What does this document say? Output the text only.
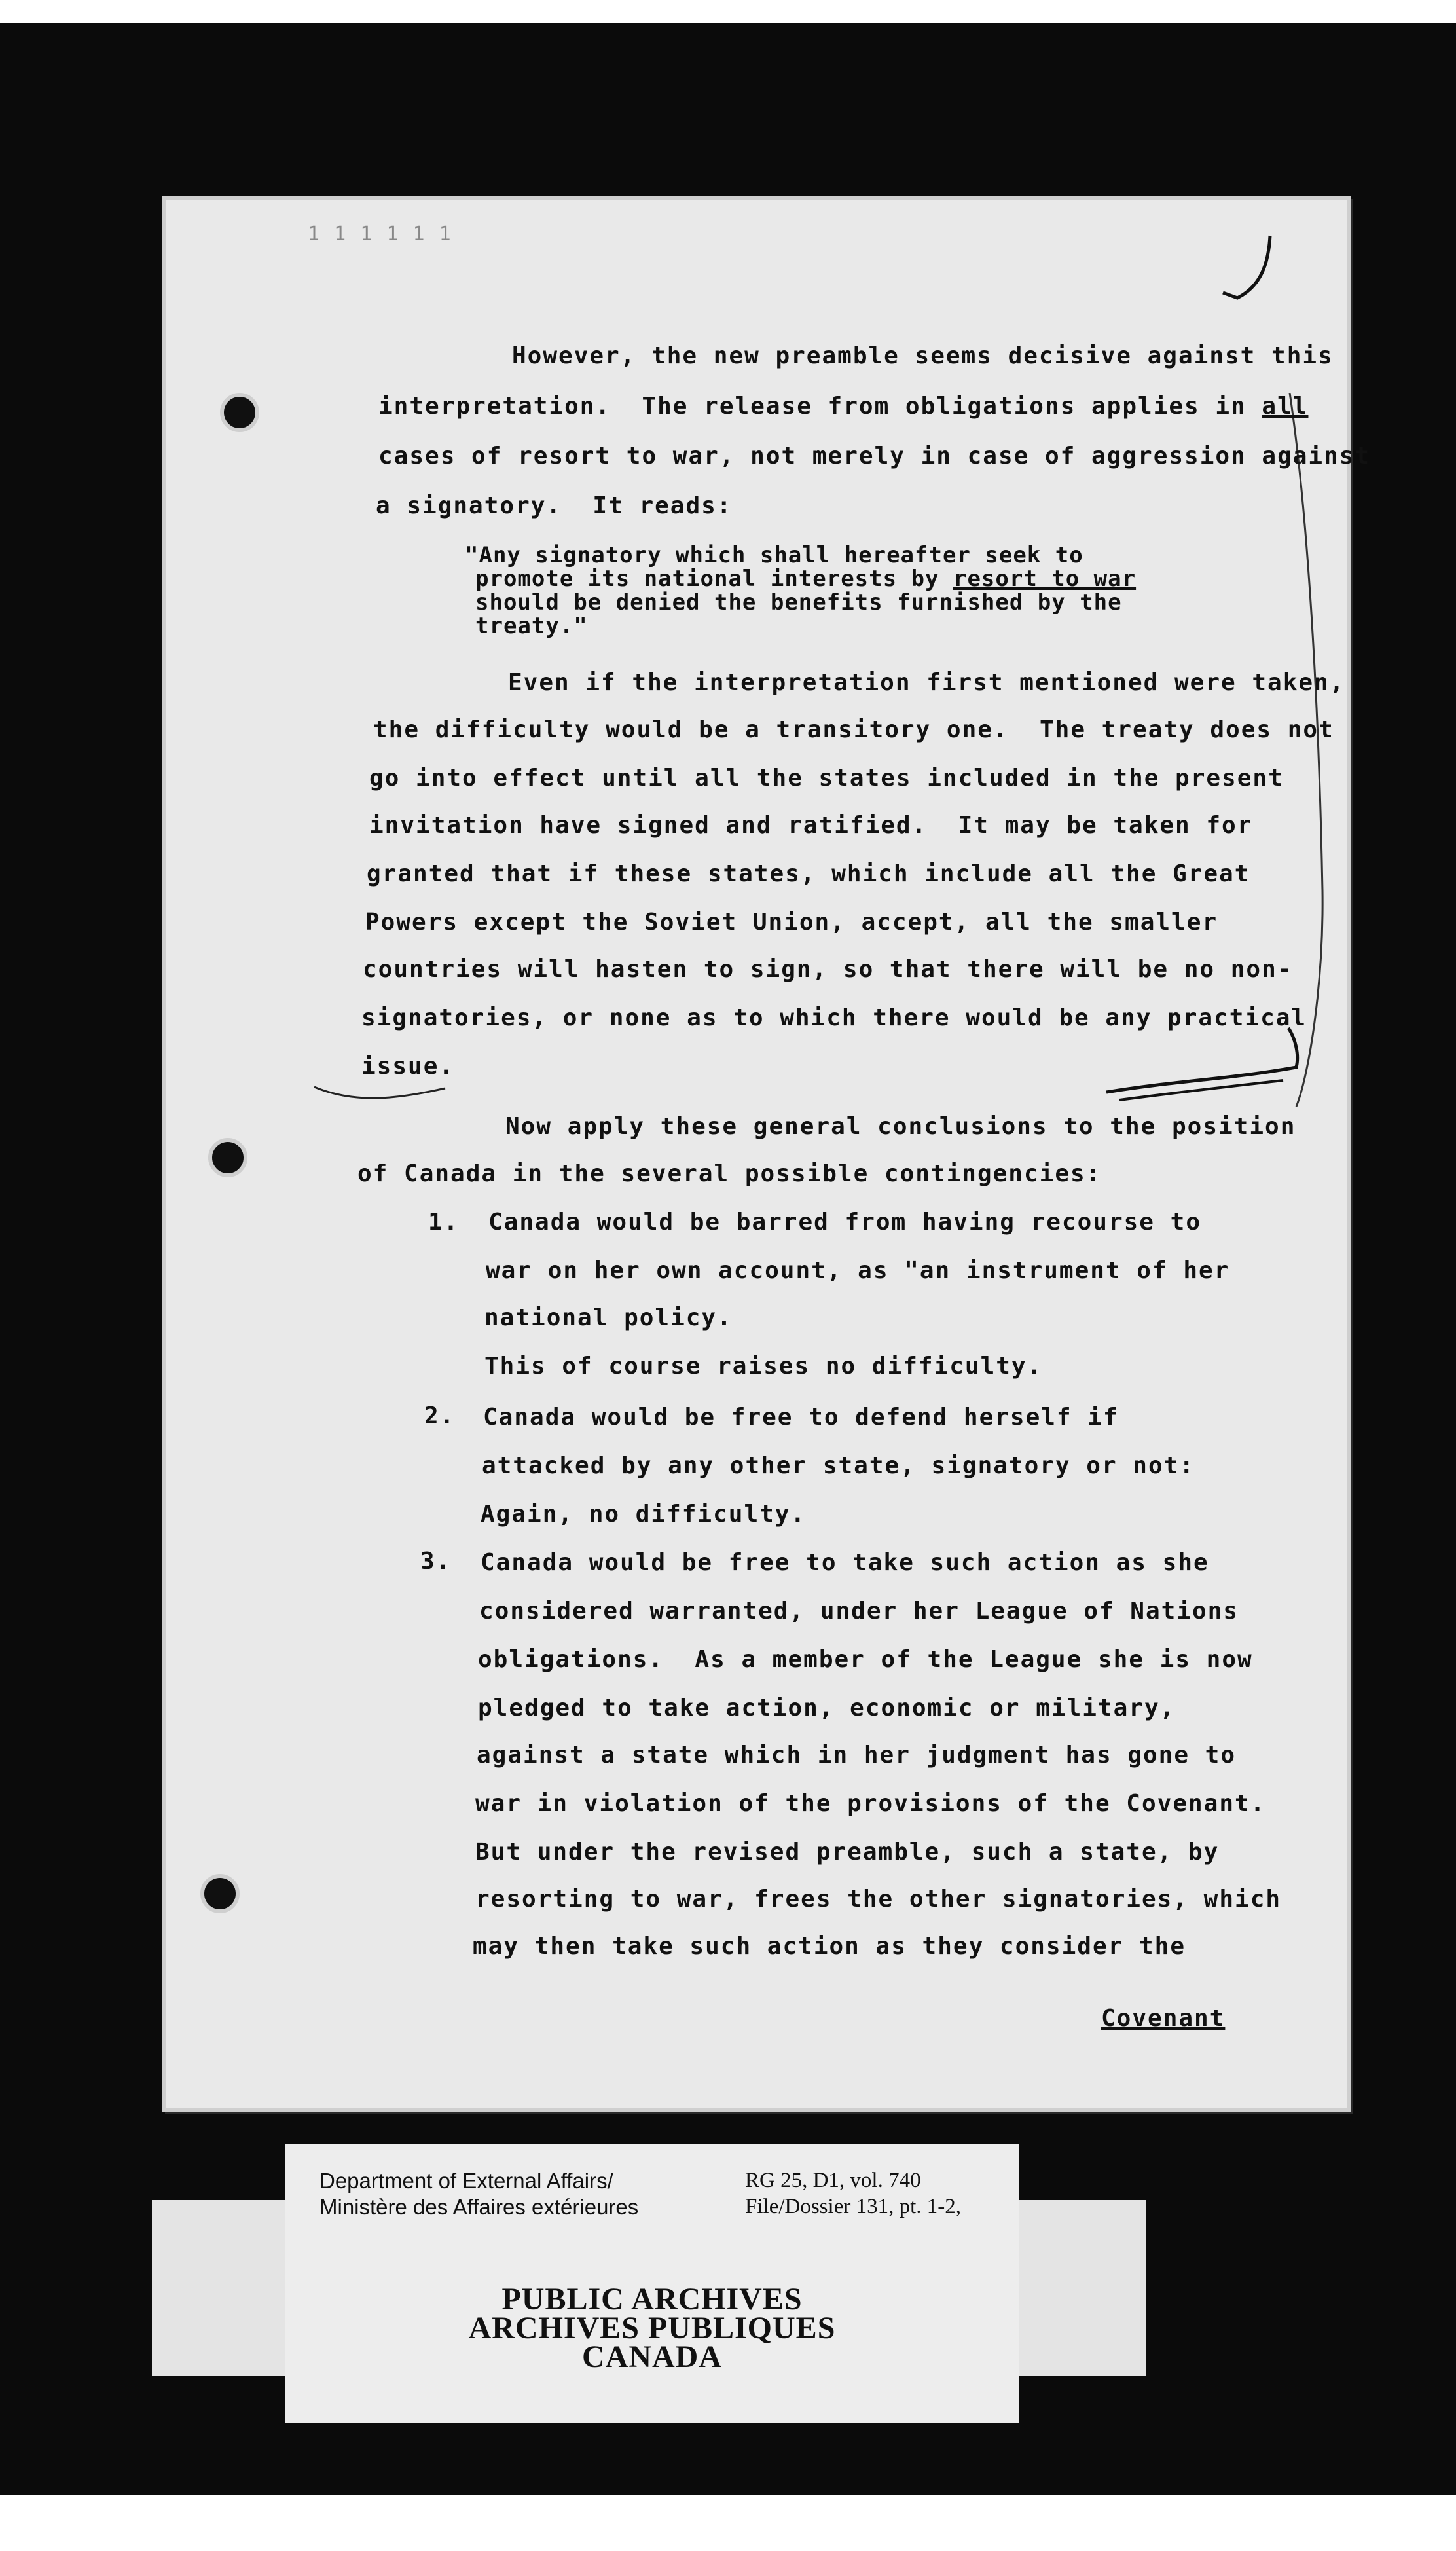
1 1 1 1 1 1
However, the new preamble seems decisive against this
interpretation.  The release from obligations applies in all
cases of resort to war, not merely in case of aggression against
a signatory.  It reads:
"Any signatory which shall hereafter seek to
promote its national interests by resort to war
should be denied the benefits furnished by the
treaty."
Even if the interpretation first mentioned were taken,
the difficulty would be a transitory one.  The treaty does not
go into effect until all the states included in the present
invitation have signed and ratified.  It may be taken for
granted that if these states, which include all the Great
Powers except the Soviet Union, accept, all the smaller
countries will hasten to sign, so that there will be no non-
signatories, or none as to which there would be any practical
issue.
Now apply these general conclusions to the position
of Canada in the several possible contingencies:
1. Canada would be barred from having recourse to
war on her own account, as "an instrument of her
national policy.
This of course raises no difficulty.
2. Canada would be free to defend herself if
attacked by any other state, signatory or not:
Again, no difficulty.
3. Canada would be free to take such action as she
considered warranted, under her League of Nations
obligations.  As a member of the League she is now
pledged to take action, economic or military,
against a state which in her judgment has gone to
war in violation of the provisions of the Covenant.
But under the revised preamble, such a state, by
resorting to war, frees the other signatories, which
may then take such action as they consider the
Covenant
Department of External Affairs/
Ministère des Affaires extérieures
RG 25, D1, vol. 740
File/Dossier 131, pt. 1-2,
PUBLIC ARCHIVES
ARCHIVES PUBLIQUES
CANADA
